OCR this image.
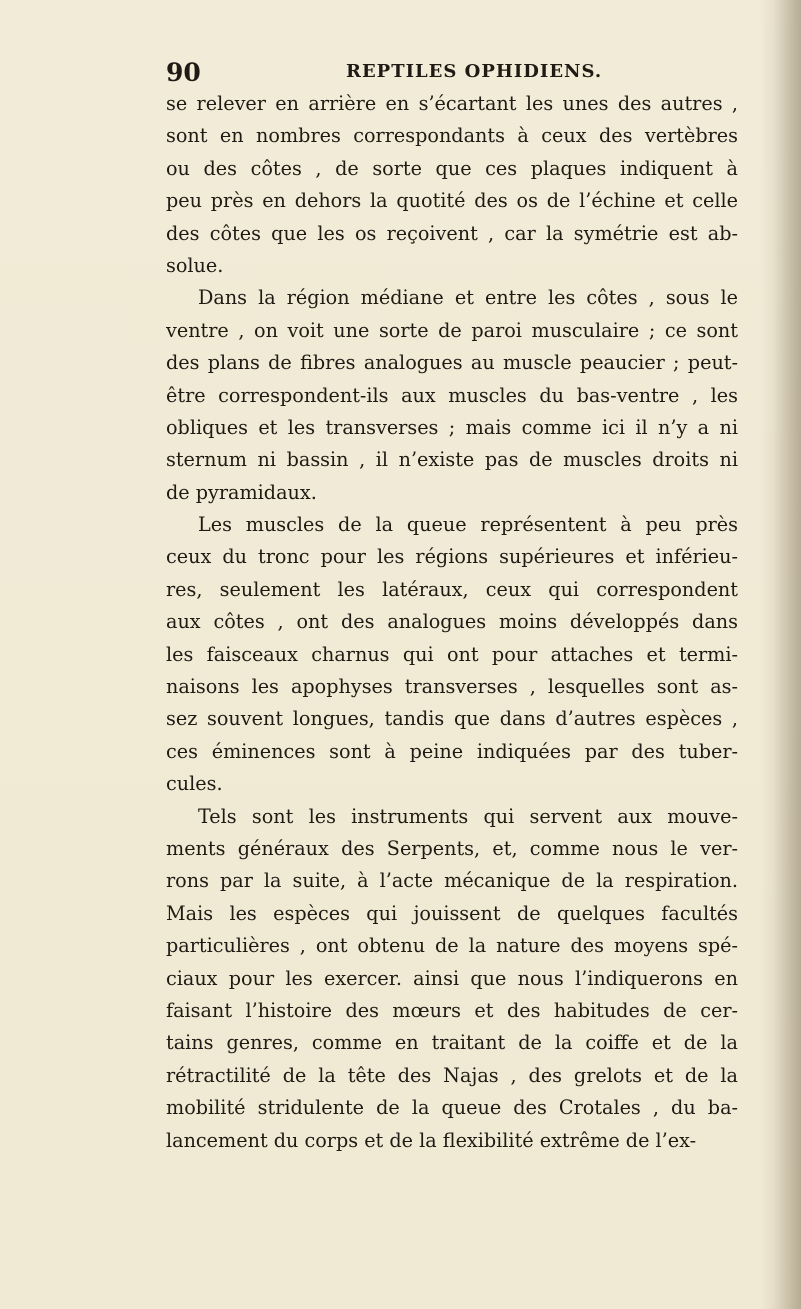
90	REPTILES OPHIDIENS.
se relever en arrière en s’écartant les unes des autres ,
sont en nombres correspondants à ceux des vertèbres
ou des côtes , de sorte que ces plaques indiquent à
peu près en dehors la quotité des os de l’échine et celle
des côtes que les os reçoivent , car la symétrie est ab-
solue.
Dans la région médiane et entre les côtes , sous le
ventre , on voit une sorte de paroi musculaire ; ce sont
des plans de fibres analogues au muscle peaucier ; peut-
être correspondent-ils aux muscles du bas-ventre , les
obliques et les transverses ; mais comme ici il n’y a ni
sternum ni bassin , il n’existe pas de muscles droits ni
de pyramidaux.
Les muscles de la queue représentent à peu près
ceux du tronc pour les régions supérieures et inférieu-
res, seulement les latéraux, ceux qui correspondent
aux côtes , ont des analogues moins développés dans
les faisceaux charnus qui ont pour attaches et termi-
naisons les apophyses transverses , lesquelles sont as-
sez souvent longues, tandis que dans d’autres espèces ,
ces éminences sont à peine indiquées par des tuber-
cules.
Tels sont les instruments qui servent aux mouve-
ments généraux des Serpents, et, comme nous le ver-
rons par la suite, à l’acte mécanique de la respiration.
Mais les espèces qui jouissent de quelques facultés
particulières , ont obtenu de la nature des moyens spé-
ciaux pour les exercer. ainsi que nous l’indiquerons en
faisant l’histoire des mœurs et des habitudes de cer-
tains genres, comme en traitant de la coiffe et de la
rétractilité de la tête des Najas , des grelots et de la
mobilité stridulente de la queue des Crotales , du ba-
lancement du corps et de la flexibilité extrême de l’ex-
